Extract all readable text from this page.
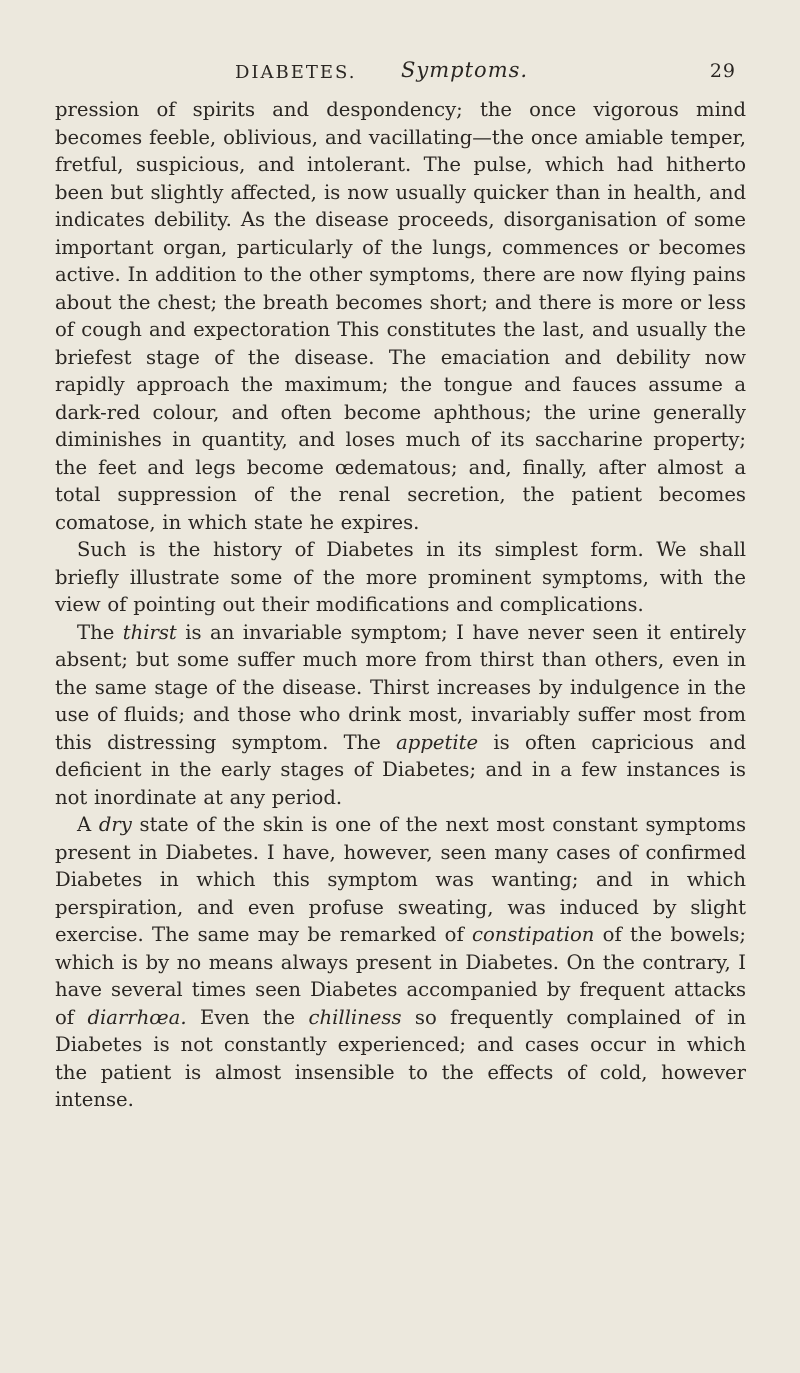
DIABETES. Symptoms.	29

pression of spirits and despondency; the once vigorous mind becomes feeble, oblivious, and vacillating—the once amiable temper, fretful, suspicious, and intolerant. The pulse, which had hitherto been but slightly affected, is now usually quicker than in health, and indicates debility. As the disease proceeds, disorganisation of some important organ, particularly of the lungs, commences or becomes active. In addition to the other symptoms, there are now flying pains about the chest; the breath becomes short; and there is more or less of cough and expectoration This constitutes the last, and usually the briefest stage of the disease. The emaciation and debility now rapidly approach the maximum; the tongue and fauces assume a dark-red colour, and often become aphthous; the urine generally diminishes in quantity, and loses much of its saccharine property; the feet and legs become œdematous; and, finally, after almost a total suppression of the renal secretion, the patient becomes comatose, in which state he expires.

Such is the history of Diabetes in its simplest form. We shall briefly illustrate some of the more prominent symptoms, with the view of pointing out their modifications and complications.

The thirst is an invariable symptom; I have never seen it entirely absent; but some suffer much more from thirst than others, even in the same stage of the disease. Thirst increases by indulgence in the use of fluids; and those who drink most, invariably suffer most from this distressing symptom. The appetite is often capricious and deficient in the early stages of Diabetes; and in a few instances is not inordinate at any period.

A dry state of the skin is one of the next most constant symptoms present in Diabetes. I have, however, seen many cases of confirmed Diabetes in which this symptom was wanting; and in which perspiration, and even profuse sweating, was induced by slight exercise. The same may be remarked of constipation of the bowels; which is by no means always present in Diabetes. On the contrary, I have several times seen Diabetes accompanied by frequent attacks of diarrhœa. Even the chilliness so frequently complained of in Diabetes is not constantly experienced; and cases occur in which the patient is almost insensible to the effects of cold, however intense.
